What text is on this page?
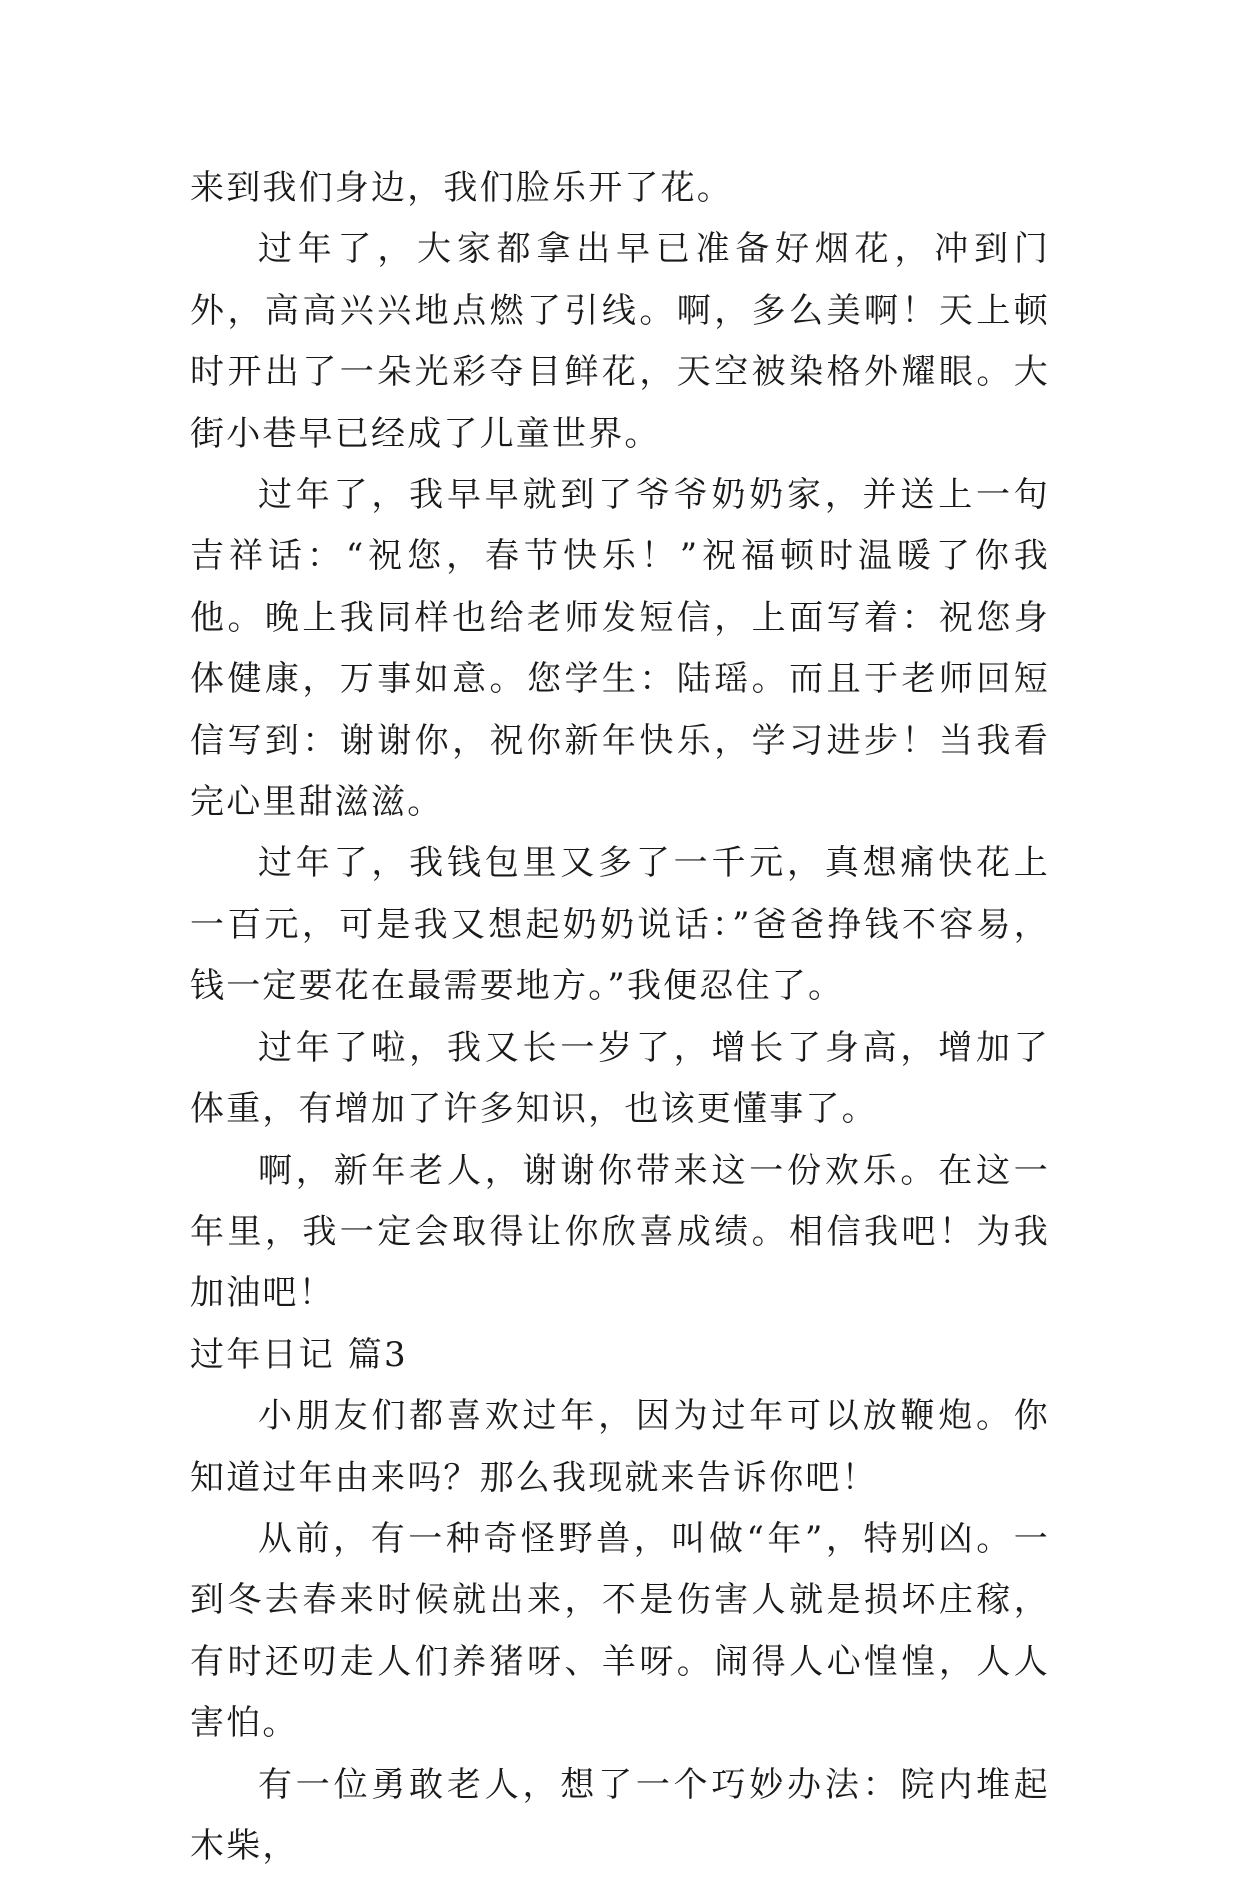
来到我们身边，我们脸乐开了花。

过年了，大家都拿出早已准备好烟花，冲到门外，高高兴兴地点燃了引线。啊，多么美啊！天上顿时开出了一朵光彩夺目鲜花，天空被染格外耀眼。大街小巷早已经成了儿童世界。

过年了，我早早就到了爷爷奶奶家，并送上一句吉祥话：“祝您，春节快乐！”祝福顿时温暖了你我他。晚上我同样也给老师发短信，上面写着：祝您身体健康，万事如意。您学生：陆瑶。而且于老师回短信写到：谢谢你，祝你新年快乐，学习进步！当我看完心里甜滋滋。

过年了，我钱包里又多了一千元，真想痛快花上一百元，可是我又想起奶奶说话：”爸爸挣钱不容易，钱一定要花在最需要地方。”我便忍住了。

过年了啦，我又长一岁了，增长了身高，增加了体重，有增加了许多知识，也该更懂事了。

啊，新年老人，谢谢你带来这一份欢乐。在这一年里，我一定会取得让你欣喜成绩。相信我吧！为我加油吧！

过年日记 篇3

小朋友们都喜欢过年，因为过年可以放鞭炮。你知道过年由来吗？那么我现就来告诉你吧！

从前，有一种奇怪野兽，叫做“年”，特别凶。一到冬去春来时候就出来，不是伤害人就是损坏庄稼，有时还叨走人们养猪呀、羊呀。闹得人心惶惶，人人害怕。

有一位勇敢老人，想了一个巧妙办法：院内堆起木柴，
